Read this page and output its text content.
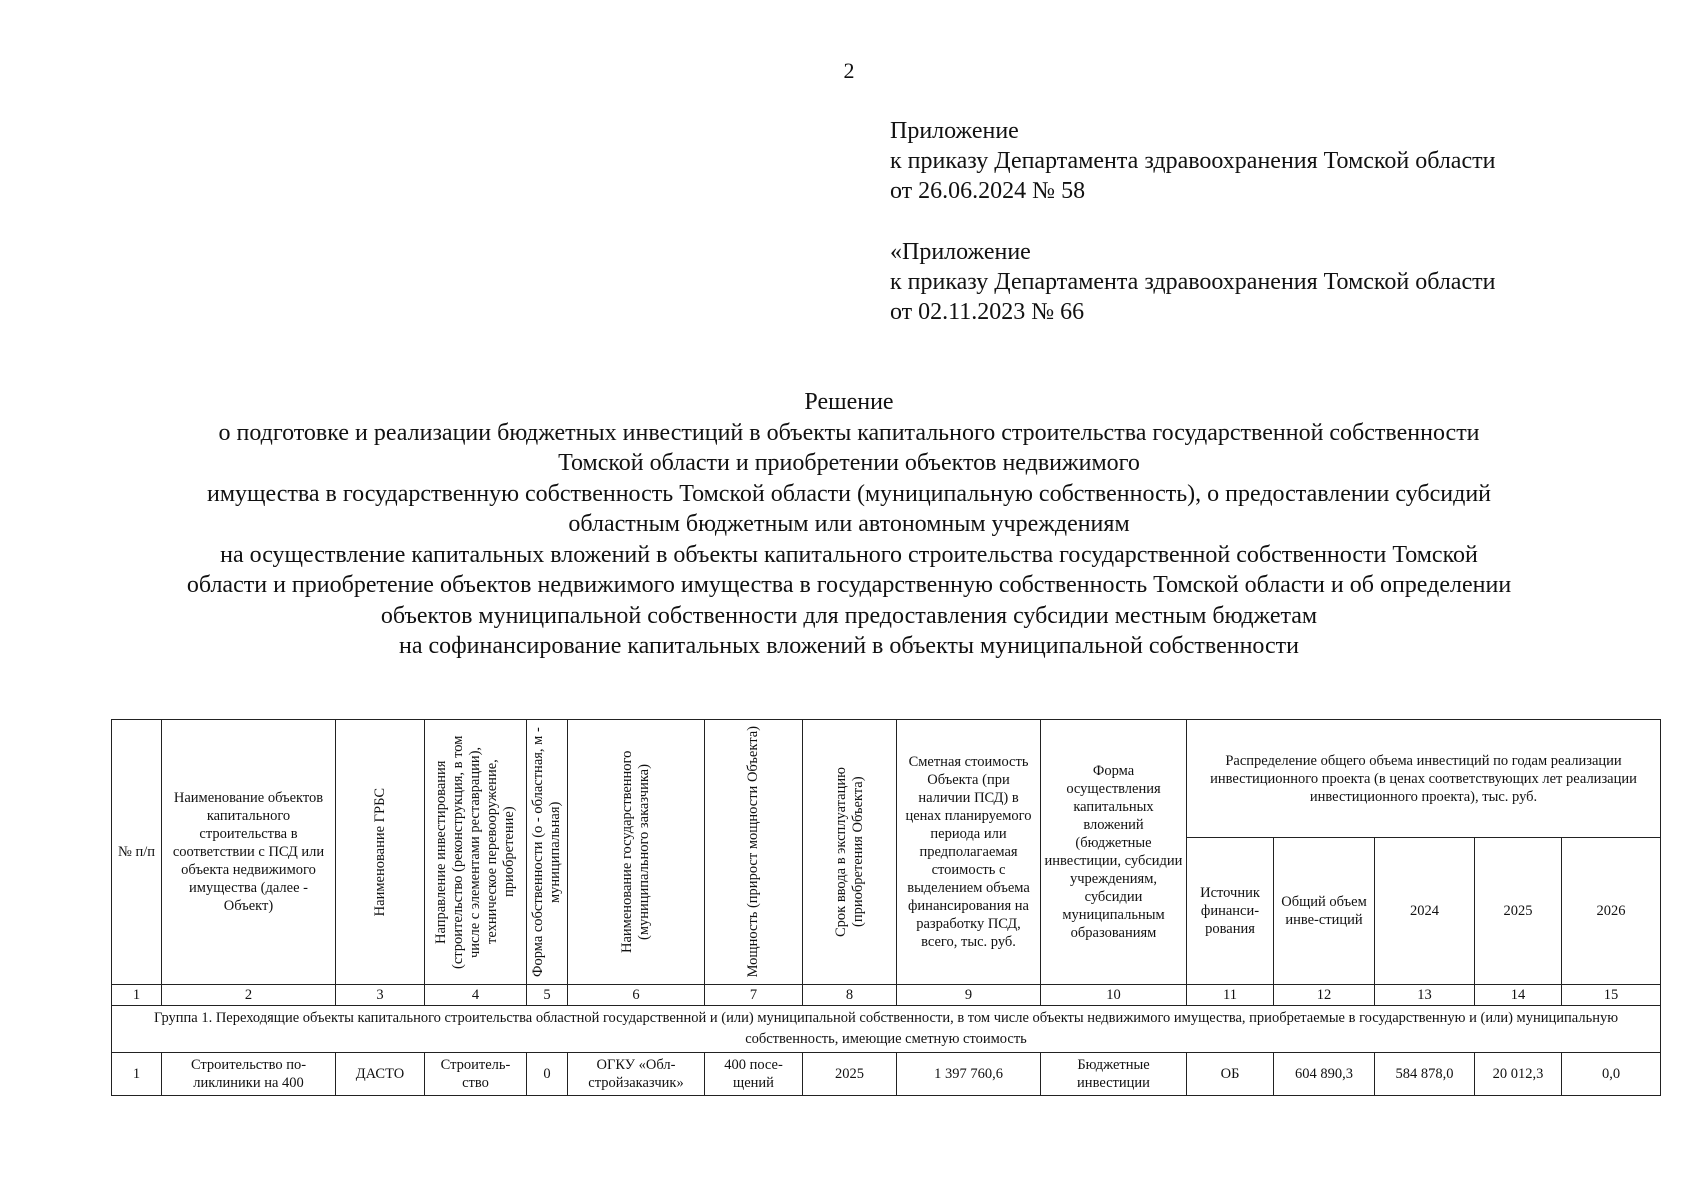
2
Приложение
к приказу Департамента здравоохранения Томской области
от 26.06.2024 № 58
«Приложение
к приказу Департамента здравоохранения Томской области
от 02.11.2023 № 66
Решение
о подготовке и реализации бюджетных инвестиций в объекты капитального строительства государственной собственности
Томской области и приобретении объектов недвижимого
имущества в государственную собственность Томской области (муниципальную собственность), о предоставлении субсидий
областным бюджетным или автономным учреждениям
на осуществление капитальных вложений в объекты капитального строительства государственной собственности Томской
области и приобретение объектов недвижимого имущества в государственную собственность Томской области и об определении
объектов муниципальной собственности для предоставления субсидии местным бюджетам
на софинансирование капитальных вложений в объекты муниципальной собственности
№ п/п	Наименование объектов капитального строительства в соответствии с ПСД или объекта недвижимого имущества (далее - Объект)	Наименование ГРБС	Направление инвестирования (строительство (реконструкция, в том числе с элементами реставрации), техническое перевооружение, приобретение)	Форма собственности (о - областная, м - муниципальная)	Наименование государственного (муниципального заказчика)	Мощность (прирост мощности Объекта)	Срок ввода в эксплуатацию (приобретения Объекта)	Сметная стоимость Объекта (при наличии ПСД) в ценах планируемого периода или предполагаемая стоимость с выделением объема финансирования на разработку ПСД, всего, тыс. руб.	Форма осуществления капитальных вложений (бюджетные инвестиции, субсидии учреждениям, субсидии муниципальным образованиям	Распределение общего объема инвестиций по годам реализации инвестиционного проекта (в ценах соответствующих лет реализации инвестиционного проекта), тыс. руб.				
										Источник финанси-рования	Общий объем инве-стиций	2024	2025	2026
1	2	3	4	5	6	7	8	9	10	11	12	13	14	15
Группа 1. Переходящие объекты капитального строительства областной государственной и (или) муниципальной собственности, в том числе объекты недвижимого имущества, приобретаемые в государственную и (или) муниципальную собственность, имеющие сметную стоимость														
1	Строительство по-ликлиники на 400	ДАСТО	Строитель-ство	0	ОГКУ «Обл-стройзаказчик»	400 посе-щений	2025	1 397 760,6	Бюджетные инвестиции	ОБ	604 890,3	584 878,0	20 012,3	0,0
